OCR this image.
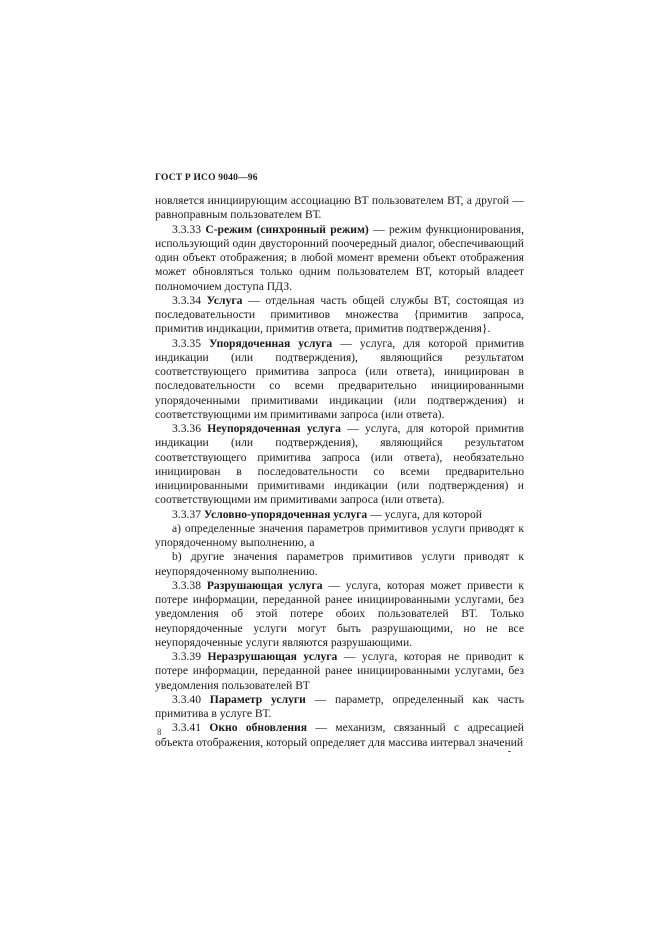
ГОСТ Р ИСО 9040—96

новляется инициирующим ассоциацию ВТ пользователем ВТ, а другой — равноправным пользователем ВТ.

3.3.33 С-режим (синхронный режим) — режим функционирования, использующий один двусторонний поочередный диалог, обеспечивающий один объект отображения; в любой момент времени объект отображения может обновляться только одним пользователем ВТ, который владеет полномочием доступа ПДЗ.

3.3.34 Услуга — отдельная часть общей службы ВТ, состоящая из последовательности примитивов множества {примитив запроса, примитив индикации, примитив ответа, примитив подтверждения}.

3.3.35 Упорядоченная услуга — услуга, для которой примитив индикации (или подтверждения), являющийся результатом соответствующего примитива запроса (или ответа), инициирован в последовательности со всеми предварительно инициированными упорядоченными примитивами индикации (или подтверждения) и соответствующими им примитивами запроса (или ответа).

3.3.36 Неупорядоченная услуга — услуга, для которой примитив индикации (или подтверждения), являющийся результатом соответствующего примитива запроса (или ответа), необязательно инициирован в последовательности со всеми предварительно инициированными примитивами индикации (или подтверждения) и соответствующими им примитивами запроса (или ответа).

3.3.37 Условно-упорядоченная услуга — услуга, для которой

а) определенные значения параметров примитивов услуги приводят к упорядоченному выполнению, а

b) другие значения параметров примитивов услуги приводят к неупорядоченному выполнению.

3.3.38 Разрушающая услуга — услуга, которая может привести к потере информации, переданной ранее инициированными услугами, без уведомления об этой потере обоих пользователей ВТ. Только неупорядоченные услуги могут быть разрушающими, но не все неупорядоченные услуги являются разрушающими.

3.3.39 Неразрушающая услуга — услуга, которая не приводит к потере информации, переданной ранее инициированными услугами, без уведомления пользователей ВТ

3.3.40 Параметр услуги — параметр, определенный как часть примитива в услуге ВТ.

3.3.41 Окно обновления — механизм, связанный с адресацией объекта отображения, который определяет для массива интервал значений

8
